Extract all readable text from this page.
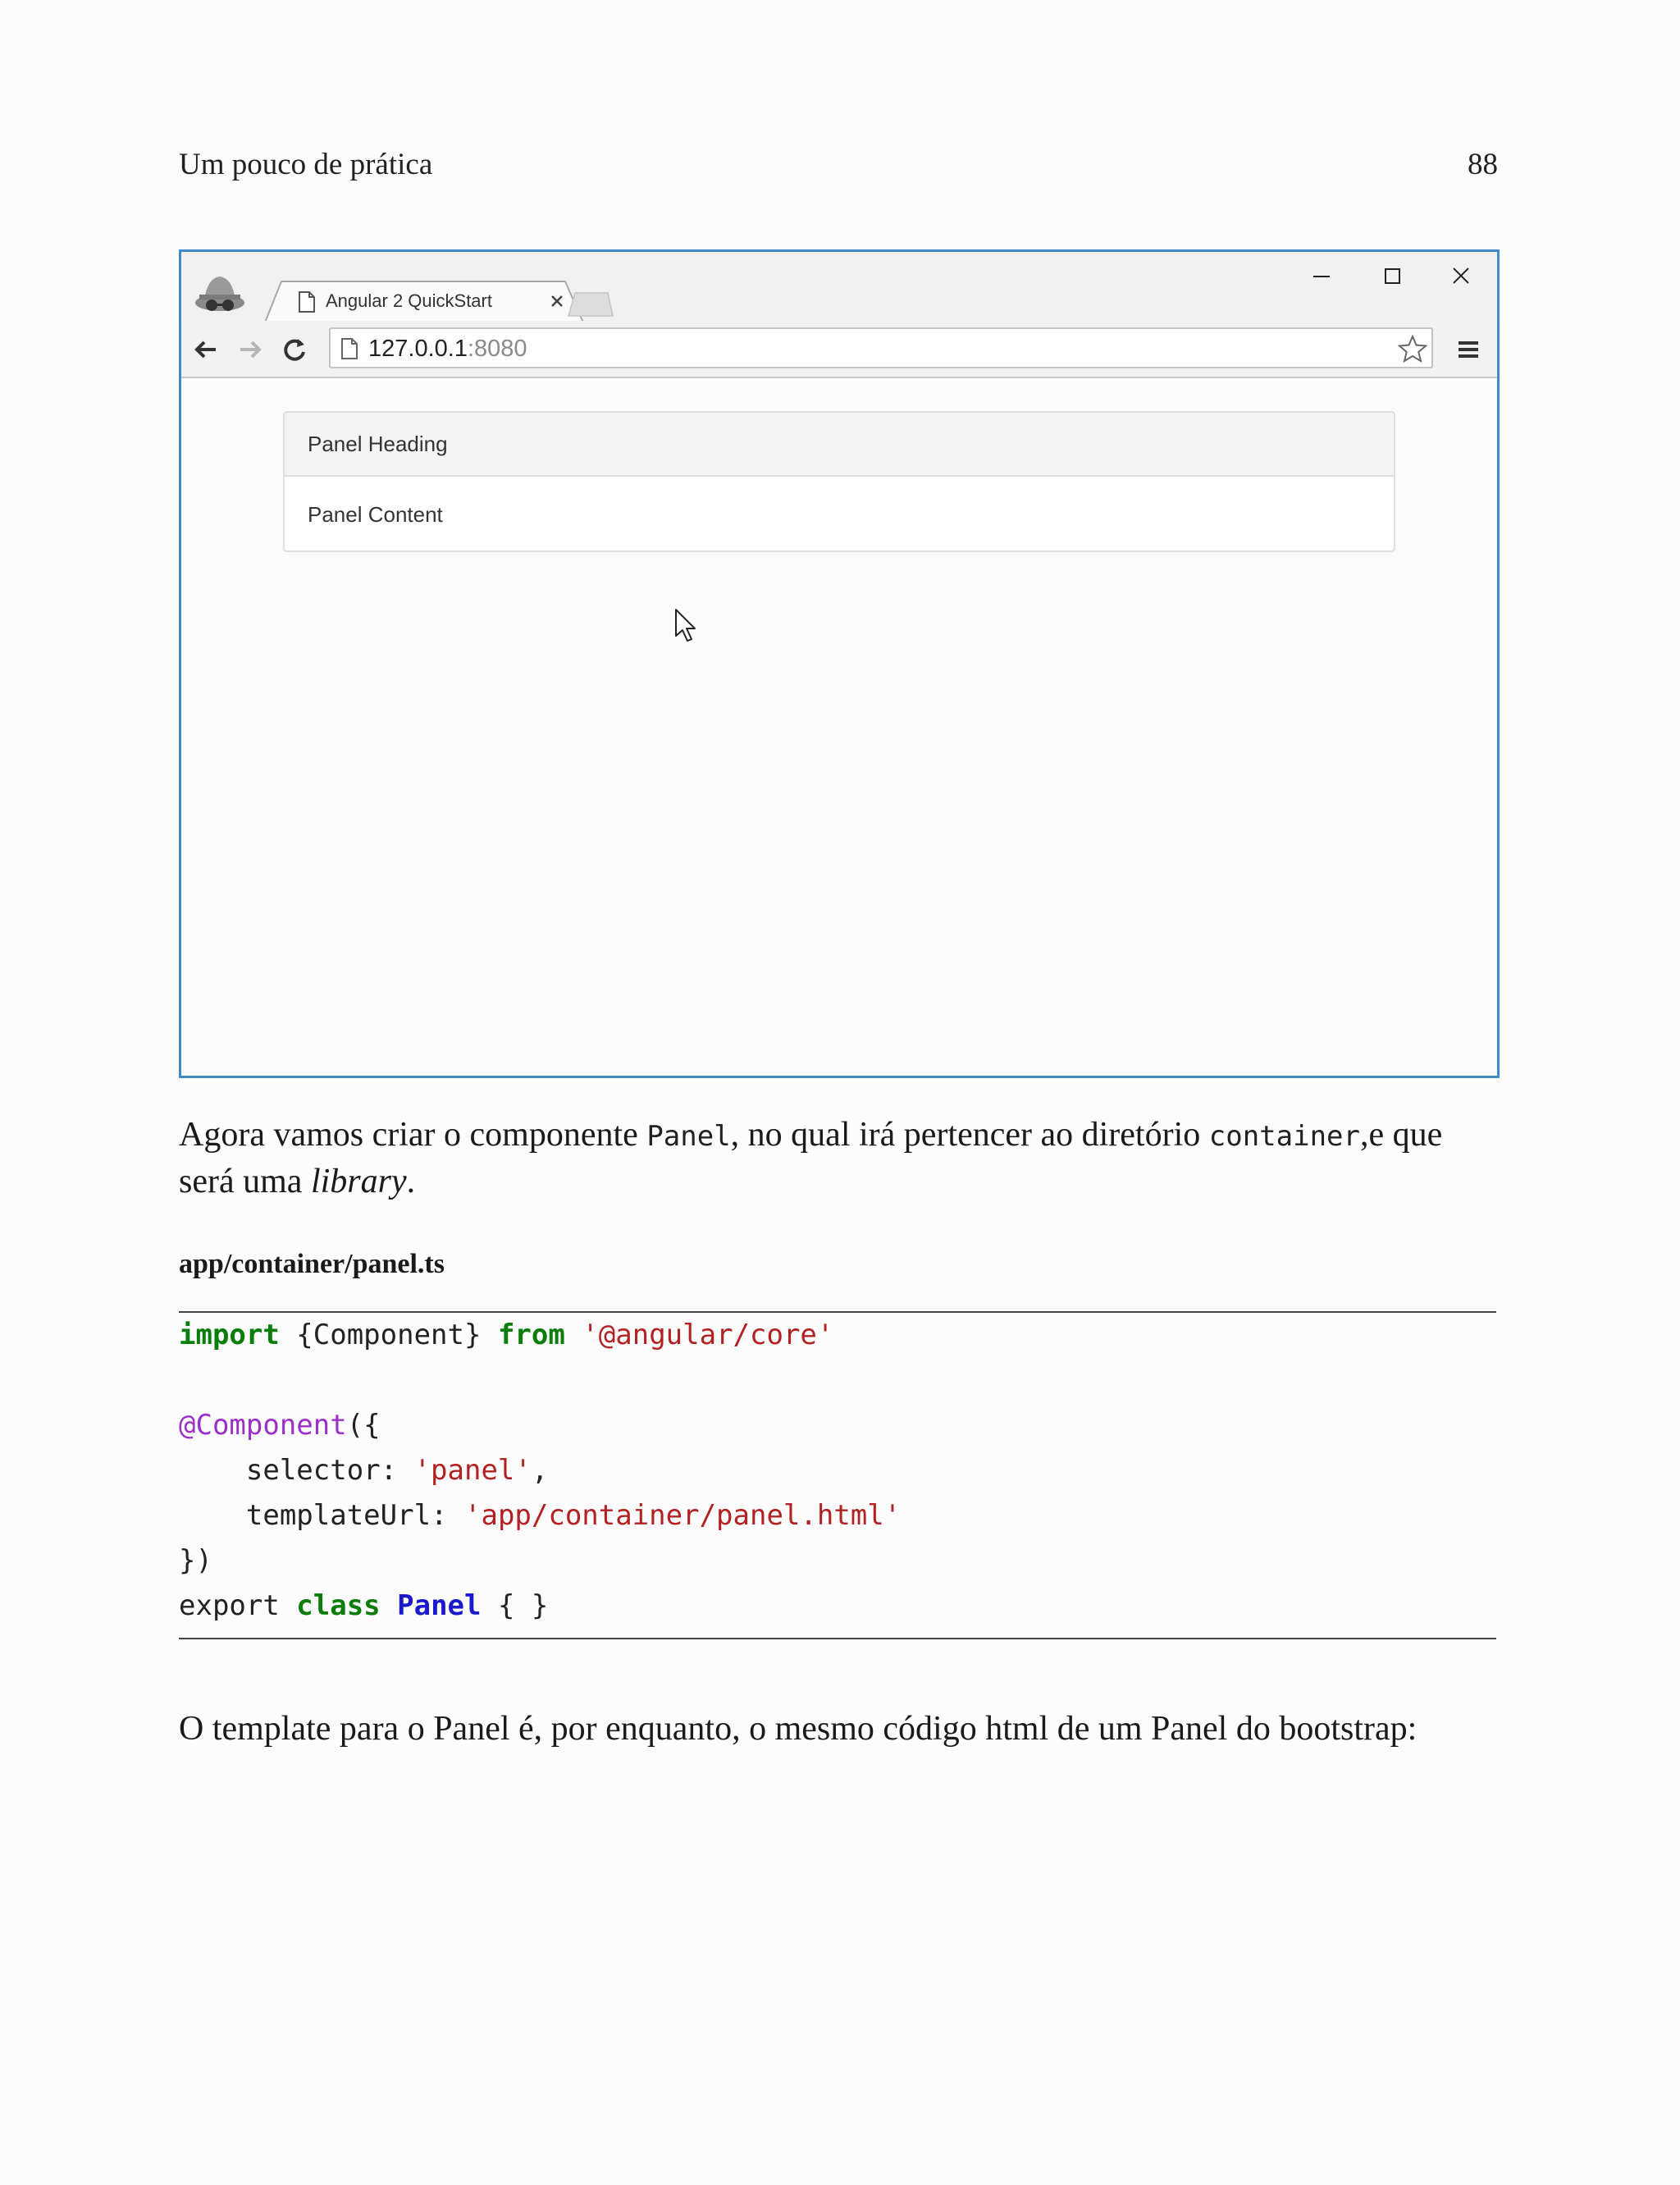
Um pouco de prática	88
Angular 2 QuickStart
127.0.0.1:8080
Panel Heading
Panel Content
Agora vamos criar o componente Panel, no qual irá pertencer ao diretório container,e que
será uma library.
app/container/panel.ts
import {Component} from '@angular/core'
@Component({
selector: 'panel',
templateUrl: 'app/container/panel.html'
})
export class Panel { }
O template para o Panel é, por enquanto, o mesmo código html de um Panel do bootstrap:
